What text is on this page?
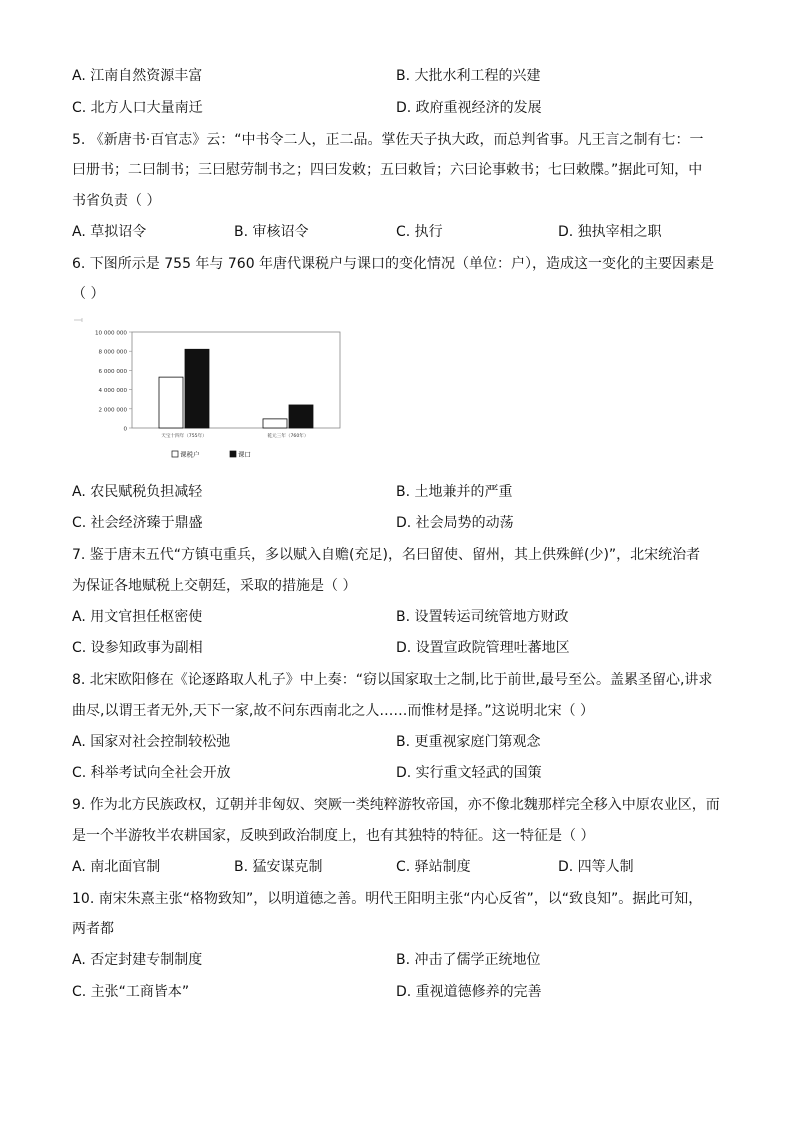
A. 江南自然资源丰富	B. 大批水利工程的兴建
C. 北方人口大量南迁	D. 政府重视经济的发展
5. 《新唐书·百官志》云：“中书令二人，正二品。掌佐天子执大政，而总判省事。凡王言之制有七：一
曰册书；二曰制书；三曰慰劳制书之；四曰发敕；五曰敕旨；六曰论事敕书；七曰敕牒。”据此可知，中
书省负责（ ）
A. 草拟诏令	B. 审核诏令	C. 执行	D. 独执宰相之职
6. 下图所示是 755 年与 760 年唐代课税户与课口的变化情况（单位：户），造成这一变化的主要因素是
（ ）
10 000 000
8 000 000
6 000 000
4 000 000
2 000 000
0
天宝十四年（755年）	乾元三年（760年）
课税户	课口
A. 农民赋税负担减轻	B. 土地兼并的严重
C. 社会经济臻于鼎盛	D. 社会局势的动荡
7. 鉴于唐末五代“方镇屯重兵，多以赋入自赡(充足)，名曰留使、留州，其上供殊鲜(少)”，北宋统治者
为保证各地赋税上交朝廷，采取的措施是（ ）
A. 用文官担任枢密使	B. 设置转运司统管地方财政
C. 设参知政事为副相	D. 设置宣政院管理吐蕃地区
8. 北宋欧阳修在《论逐路取人札子》中上奏：“窃以国家取士之制,比于前世,最号至公。盖累圣留心,讲求
曲尽,以谓王者无外,天下一家,故不问东西南北之人……而惟材是择。”这说明北宋（ ）
A. 国家对社会控制较松弛	B. 更重视家庭门第观念
C. 科举考试向全社会开放	D. 实行重文轻武的国策
9. 作为北方民族政权，辽朝并非匈奴、突厥一类纯粹游牧帝国，亦不像北魏那样完全移入中原农业区，而
是一个半游牧半农耕国家，反映到政治制度上，也有其独特的特征。这一特征是（ ）
A. 南北面官制	B. 猛安谋克制	C. 驿站制度	D. 四等人制
10. 南宋朱熹主张“格物致知”，以明道德之善。明代王阳明主张“内心反省”，以“致良知”。据此可知，
两者都
A. 否定封建专制制度	B. 冲击了儒学正统地位
C. 主张“工商皆本”	D. 重视道德修养的完善
